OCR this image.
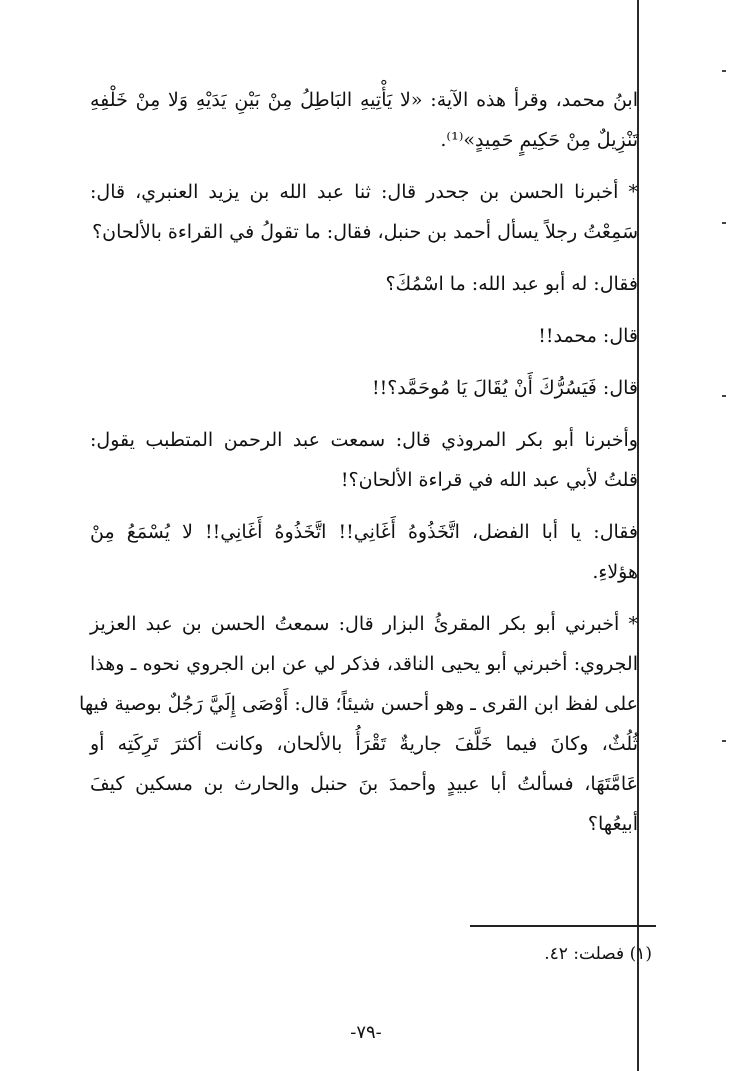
ابنُ محمد، وقرأ هذه الآية: «لا يَأْتِيهِ البَاطِلُ مِنْ بَيْنِ يَدَيْهِ وَلا مِنْ خَلْفِهِ
تَنْزِيلٌ مِنْ حَكِيمٍ حَمِيدٍ»⁽¹⁾.
* أخبرنا الحسن بن جحدر قال: ثنا عبد الله بن يزيد العنبري، قال:
سَمِعْتُ رجلاً يسأل أحمد بن حنبل، فقال: ما تقولُ في القراءة بالألحان؟
فقال: له أبو عبد الله: ما اسْمُكَ؟
قال: محمد!!
قال: فَيَسُرُّكَ أَنْ يُقَالَ يَا مُوحَمَّد؟!!
وأخبرنا أبو بكر المروذي قال: سمعت عبد الرحمن المتطبب يقول:
قلتُ لأبي عبد الله في قراءة الألحان؟!
فقال: يا أبا الفضل، اتَّخَذُوهُ أَغَانِي!! اتَّخَذُوهُ أَغَانِي!! لا يُسْمَعُ مِنْ
هؤلاءِ.
* أخبرني أبو بكر المقرئُ البزار قال: سمعتُ الحسن بن عبد العزيز
الجروي: أخبرني أبو يحيى الناقد، فذكر لي عن ابن الجروي نحوه ـ وهذا
على لفظ ابن القرى ـ وهو أحسن شيئاً؛ قال: أَوْصَى إِلَيَّ رَجُلٌ بوصية فيها
ثُلُثٌ، وكانَ فيما خَلَّفَ جاريةٌ تَقْرَأُ بالألحان، وكانت أكثرَ تَرِكَتِه أو
عَامَّتَهَا، فسألتُ أبا عبيدٍ وأحمدَ بنَ حنبل والحارث بن مسكين كيفَ
أبيعُها؟
(١) فصلت: ٤٢.
-٧٩-
